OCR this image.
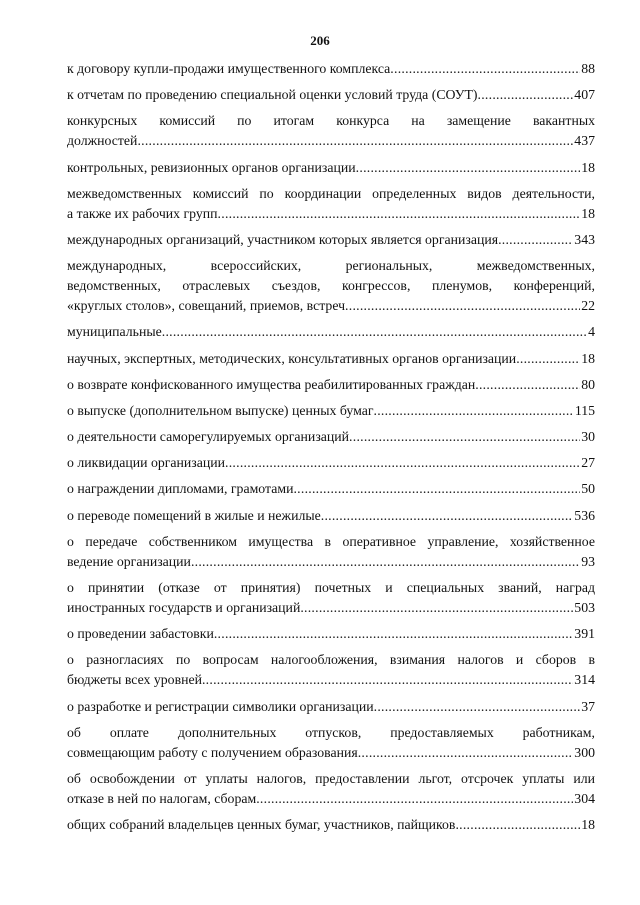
206
к договору купли-продажи имущественного комплекса . . .	88
к отчетам по проведению специальной оценки условий труда (СОУТ) . . .	407
конкурсных комиссий по итогам конкурса на замещение вакантных
должностей . . .	437
контрольных, ревизионных органов организации . . .	18
межведомственных комиссий по координации определенных видов деятельности,
а также их рабочих групп . . .	18
международных организаций, участником которых является организация . . .	343
международных, всероссийских, региональных, межведомственных,
ведомственных, отраслевых съездов, конгрессов, пленумов, конференций,
«круглых столов», совещаний, приемов, встреч . . .	22
муниципальные . . .	4
научных, экспертных, методических, консультативных органов организации . . .	18
о возврате конфискованного имущества реабилитированных граждан . . .	80
о выпуске (дополнительном выпуске) ценных бумаг . . .	115
о деятельности саморегулируемых организаций . . .	30
о ликвидации организации . . .	27
о награждении дипломами, грамотами . . .	50
о переводе помещений в жилые и нежилые . . .	536
о передаче собственником имущества в оперативное управление, хозяйственное
ведение организации . . .	93
о принятии (отказе от принятия) почетных и специальных званий, наград
иностранных государств и организаций . . .	503
о проведении забастовки . . .	391
о разногласиях по вопросам налогообложения, взимания налогов и сборов в
бюджеты всех уровней . . .	314
о разработке и регистрации символики организации . . .	37
об оплате дополнительных отпусков, предоставляемых работникам,
совмещающим работу с получением образования . . .	300
об освобождении от уплаты налогов, предоставлении льгот, отсрочек уплаты или
отказе в ней по налогам, сборам . . .	304
общих собраний владельцев ценных бумаг, участников, пайщиков . . .	18
